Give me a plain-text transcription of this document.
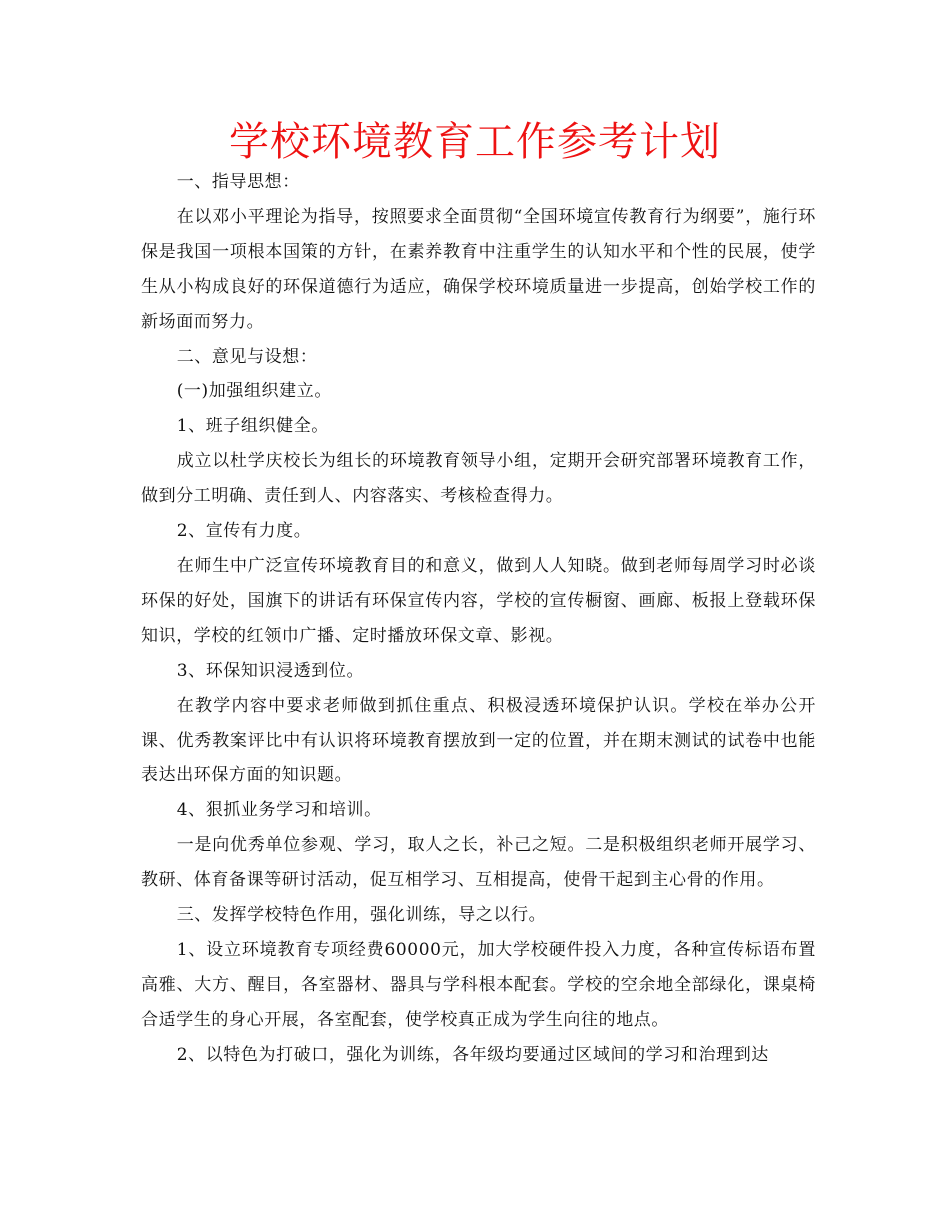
学校环境教育工作参考计划

一、指导思想：

在以邓小平理论为指导，按照要求全面贯彻“全国环境宣传教育行为纲要”，施行环保是我国一项根本国策的方针，在素养教育中注重学生的认知水平和个性的民展，使学生从小构成良好的环保道德行为适应，确保学校环境质量进一步提高，创始学校工作的新场面而努力。

二、意见与设想：

(一)加强组织建立。

1、班子组织健全。

成立以杜学庆校长为组长的环境教育领导小组，定期开会研究部署环境教育工作，做到分工明确、责任到人、内容落实、考核检查得力。

2、宣传有力度。

在师生中广泛宣传环境教育目的和意义，做到人人知晓。做到老师每周学习时必谈环保的好处，国旗下的讲话有环保宣传内容，学校的宣传橱窗、画廊、板报上登载环保知识，学校的红领巾广播、定时播放环保文章、影视。

3、环保知识浸透到位。

在教学内容中要求老师做到抓住重点、积极浸透环境保护认识。学校在举办公开课、优秀教案评比中有认识将环境教育摆放到一定的位置，并在期末测试的试卷中也能表达出环保方面的知识题。

4、狠抓业务学习和培训。

一是向优秀单位参观、学习，取人之长，补己之短。二是积极组织老师开展学习、教研、体育备课等研讨活动，促互相学习、互相提高，使骨干起到主心骨的作用。

三、发挥学校特色作用，强化训练，导之以行。

1、设立环境教育专项经费60000元，加大学校硬件投入力度，各种宣传标语布置高雅、大方、醒目，各室器材、器具与学科根本配套。学校的空余地全部绿化，课桌椅合适学生的身心开展，各室配套，使学校真正成为学生向往的地点。

2、以特色为打破口，强化为训练，各年级均要通过区域间的学习和治理到达
